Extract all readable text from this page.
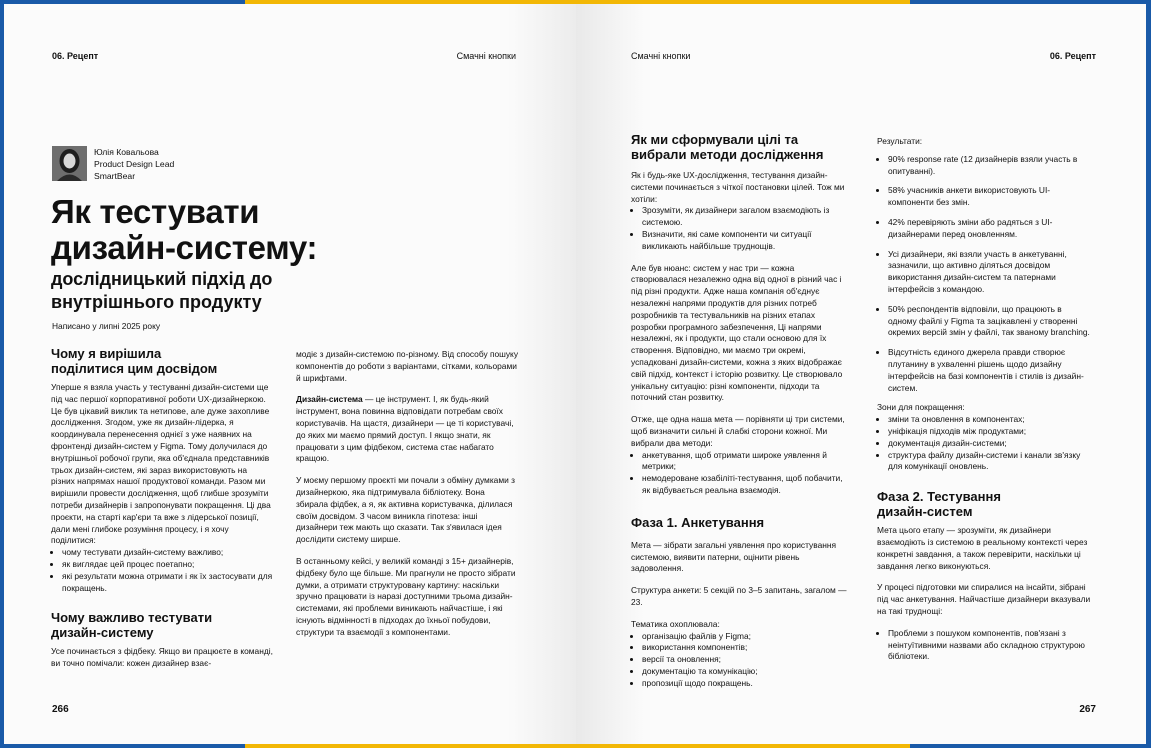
06. Рецепт	Смачні кнопки
Юлія Ковальова
Product Design Lead
SmartBear
Як тестувати
дизайн-систему:
дослідницький підхід до
внутрішнього продукту
Написано у липні 2025 року
Чому я вирішила
поділитися цим досвідом

Уперше я взяла участь у тестуванні дизайн-системи ще під час першої корпоративної роботи UX-дизайнеркою. Це був цікавий виклик та нетипове, але дуже захопливе дослідження. Згодом, уже як дизайн-лідерка, я координувала перенесення однієї з уже наявних на фронтенді дизайн-систем у Figma. Тому долучилася до внутрішньої робочої групи, яка об'єднала представників трьох дизайн-систем, які зараз використовують на різних напрямах нашої продуктової команди. Разом ми вирішили провести дослідження, щоб глибше зрозуміти потреби дизайнерів і запропонувати покращення. Ці два проєкти, на старті кар'єри та вже з лідерської позиції, дали мені глибоке розуміння процесу, і я хочу поділитися:

• чому тестувати дизайн-систему важливо;
• як виглядає цей процес поетапно;
• які результати можна отримати і як їх застосувати для покращень.
Чому важливо тестувати
дизайн-систему

Усе починається з фідбеку. Якщо ви працюєте в команді, ви точно помічали: кожен дизайнер взає-

модіє з дизайн-системою по-різному. Від способу пошуку компонентів до роботи з варіантами, сітками, кольорами й шрифтами.

Дизайн-система — це інструмент. І, як будь-який інструмент, вона повинна відповідати потребам своїх користувачів. На щастя, дизайнери — це ті користувачі, до яких ми маємо прямий доступ. І якщо знати, як працювати з цим фідбеком, система стає набагато кращою.

У моєму першому проєкті ми почали з обміну думками з дизайнеркою, яка підтримувала бібліотеку. Вона збирала фідбек, а я, як активна користувачка, ділилася своїм досвідом. З часом виникла гіпотеза: інші дизайнери теж мають що сказати. Так з'явилася ідея дослідити систему ширше.

В останньому кейсі, у великій команді з 15+ дизайнерів, фідбеку було ще більше. Ми прагнули не просто зібрати думки, а отримати структуровану картину: наскільки зручно працювати із наразі доступними трьома дизайн-системами, які проблеми виникають найчастіше, і які існують відмінності в підходах до їхньої побудови, структури та взаємодії з компонентами.

266
Смачні кнопки	06. Рецепт
Як ми сформували цілі та
вибрали методи дослідження

Як і будь-яке UX-дослідження, тестування дизайн-системи починається з чіткої постановки цілей. Тож ми хотіли:

• Зрозуміти, як дизайнери загалом взаємодіють із системою.
• Визначити, які саме компоненти чи ситуації викликають найбільше труднощів.

Але був нюанс: систем у нас три — кожна створювалася незалежно одна від одної в різний час і під різні продукти. Адже наша компанія об'єднує незалежні напрями продуктів для різних потреб розробників та тестувальників на різних етапах розробки програмного забезпечення, Ці напрями незалежні, як і продукти, що стали основою для їх створення. Відповідно, ми маємо три окремі, успадковані дизайн-системи, кожна з яких відображає свій підхід, контекст і історію розвитку. Це створювало унікальну ситуацію: різні компоненти, підходи та поточний стан розвитку.

Отже, ще одна наша мета — порівняти ці три системи, щоб визначити сильні й слабкі сторони кожної. Ми вибрали два методи:

• анкетування, щоб отримати широке уявлення й метрики;
• немодероване юзабіліті-тестування, щоб побачити, як відбувається реальна взаємодія.
Фаза 1. Анкетування

Мета — зібрати загальні уявлення про користування системою, виявити патерни, оцінити рівень задоволення.

Структура анкети: 5 секцій по 3–5 запитань, загалом — 23.

Тематика охоплювала:

• організацію файлів у Figma;
• використання компонентів;
• версії та оновлення;
• документацію та комунікацію;
• пропозиції щодо покращень.

Результати:

• 90% response rate (12 дизайнерів взяли участь в опитуванні).
• 58% учасників анкети використовують UI-компоненти без змін.
• 42% перевіряють зміни або радяться з UI-дизайнерами перед оновленням.
• Усі дизайнери, які взяли участь в анкетуванні, зазначили, що активно діляться досвідом використання дизайн-систем та патернами інтерфейсів з командою.
• 50% респондентів відповіли, що працюють в одному файлі у Figma та зацікавлені у створенні окремих версій змін у файлі, так званому branching.
• Відсутність єдиного джерела правди створює плутанину в ухваленні рішень щодо дизайну інтерфейсів на базі компонентів і стилів із дизайн-систем.

Зони для покращення:

• зміни та оновлення в компонентах;
• уніфікація підходів між продуктами;
• документація дизайн-системи;
• структура файлу дизайн-системи і канали зв'язку для комунікації оновлень.
Фаза 2. Тестування
дизайн-систем

Мета цього етапу — зрозуміти, як дизайнери взаємодіють із системою в реальному контексті через конкретні завдання, а також перевірити, наскільки ці завдання легко виконуються.

У процесі підготовки ми спиралися на інсайти, зібрані під час анкетування. Найчастіше дизайнери вказували на такі труднощі:

• Проблеми з пошуком компонентів, пов'язані з неінтуїтивними назвами або складною структурою бібліотеки.
267
